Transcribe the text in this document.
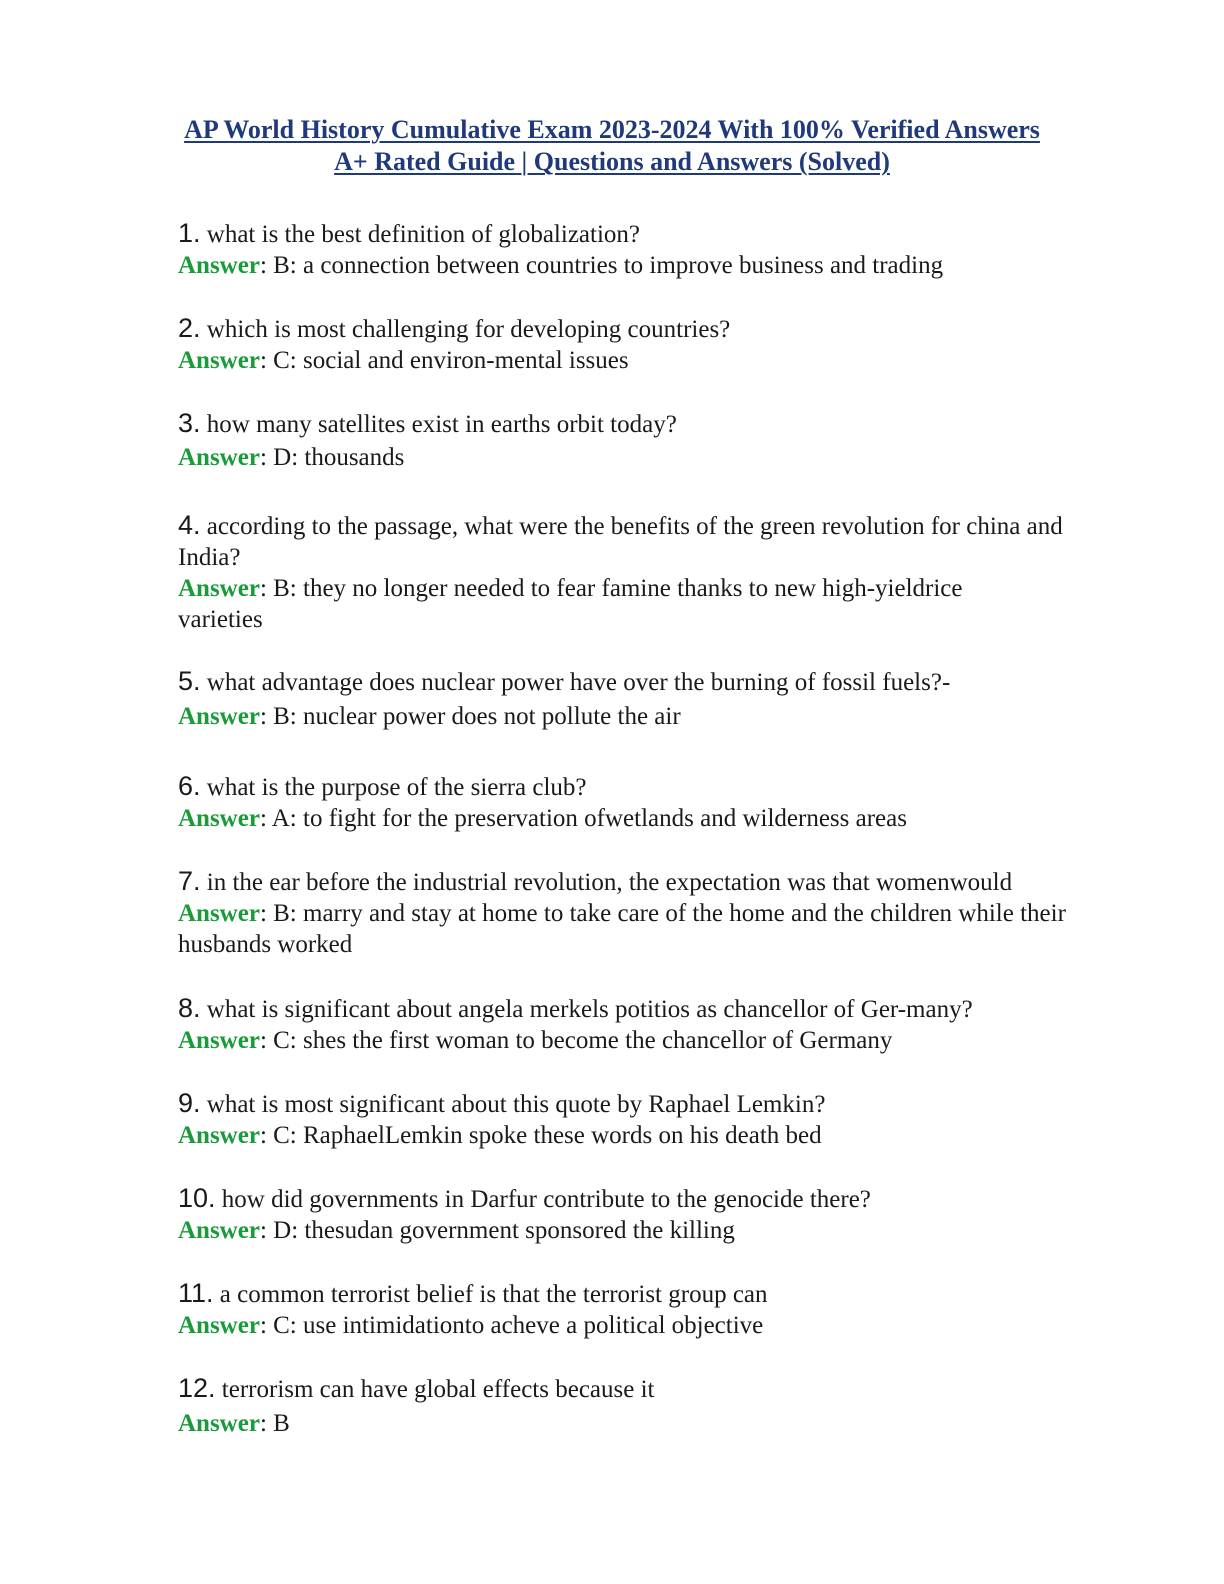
AP World History Cumulative Exam 2023-2024 With 100% Verified Answers
A+ Rated Guide | Questions and Answers (Solved)
1. what is the best definition of globalization?
Answer: B: a connection between countries to improve business and trading
2. which is most challenging for developing countries?
Answer: C: social and environ-mental issues
3. how many satellites exist in earths orbit today?
Answer: D: thousands
4. according to the passage, what were the benefits of the green revolution for china and India?
Answer: B: they no longer needed to fear famine thanks to new high-yieldrice varieties
5. what advantage does nuclear power have over the burning of fossil fuels?-
Answer: B: nuclear power does not pollute the air
6. what is the purpose of the sierra club?
Answer: A: to fight for the preservation ofwetlands and wilderness areas
7. in the ear before the industrial revolution, the expectation was that womenwould
Answer: B: marry and stay at home to take care of the home and the children while their husbands worked
8. what is significant about angela merkels potitios as chancellor of Ger-many?
Answer: C: shes the first woman to become the chancellor of Germany
9. what is most significant about this quote by Raphael Lemkin?
Answer: C: RaphaelLemkin spoke these words on his death bed
10. how did governments in Darfur contribute to the genocide there?
Answer: D: thesudan government sponsored the killing
11. a common terrorist belief is that the terrorist group can
Answer: C: use intimidationto acheve a political objective
12. terrorism can have global effects because it
Answer: B
